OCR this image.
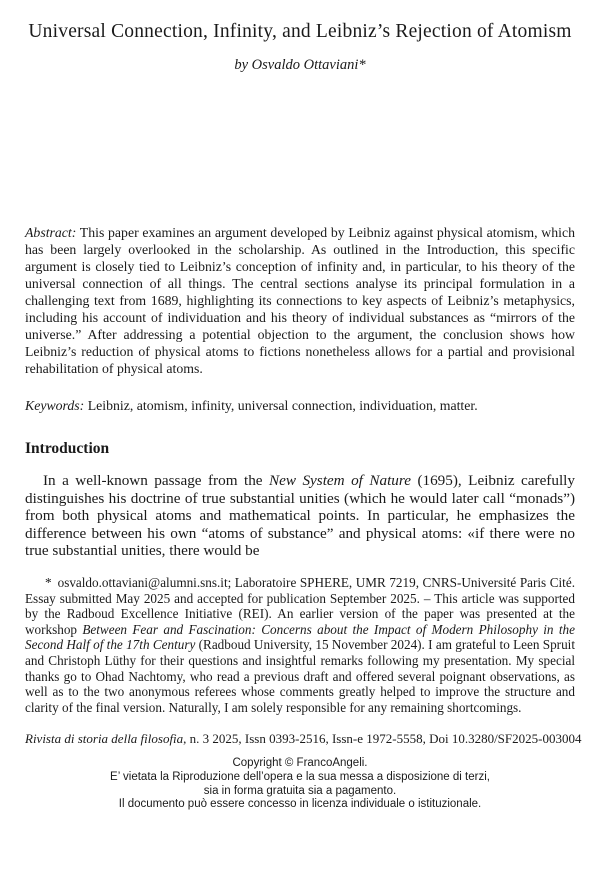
Universal Connection, Infinity, and Leibniz’s Rejection of Atomism
by Osvaldo Ottaviani*

Abstract: This paper examines an argument developed by Leibniz against physical atomism, which has been largely overlooked in the scholarship. As outlined in the Introduction, this specific argument is closely tied to Leibniz’s conception of infinity and, in particular, to his theory of the universal connection of all things. The central sections analyse its principal formulation in a challenging text from 1689, highlighting its connections to key aspects of Leibniz’s metaphysics, including his account of individuation and his theory of individual substances as “mirrors of the universe.” After addressing a potential objection to the argument, the conclusion shows how Leibniz’s reduction of physical atoms to fictions nonetheless allows for a partial and provisional rehabilitation of physical atoms.

Keywords: Leibniz, atomism, infinity, universal connection, individuation, matter.

Introduction

In a well-known passage from the New System of Nature (1695), Leibniz carefully distinguishes his doctrine of true substantial unities (which he would later call “monads”) from both physical atoms and mathematical points. In particular, he emphasizes the difference between his own “atoms of substance” and physical atoms: «if there were no true substantial unities, there would be

* osvaldo.ottaviani@alumni.sns.it; Laboratoire SPHERE, UMR 7219, CNRS-Université Paris Cité. Essay submitted May 2025 and accepted for publication September 2025. – This article was supported by the Radboud Excellence Initiative (REI). An earlier version of the paper was presented at the workshop Between Fear and Fascination: Concerns about the Impact of Modern Philosophy in the Second Half of the 17th Century (Radboud University, 15 November 2024). I am grateful to Leen Spruit and Christoph Lüthy for their questions and insightful remarks following my presentation. My special thanks go to Ohad Nachtomy, who read a previous draft and offered several poignant observations, as well as to the two anonymous referees whose comments greatly helped to improve the structure and clarity of the final version. Naturally, I am solely responsible for any remaining shortcomings.
Rivista di storia della filosofia, n. 3 2025, Issn 0393-2516, Issn-e 1972-5558, Doi 10.3280/SF2025-003004
Copyright © FrancoAngeli.
E’ vietata la Riproduzione dell’opera e la sua messa a disposizione di terzi,
sia in forma gratuita sia a pagamento.
Il documento può essere concesso in licenza individuale o istituzionale.
